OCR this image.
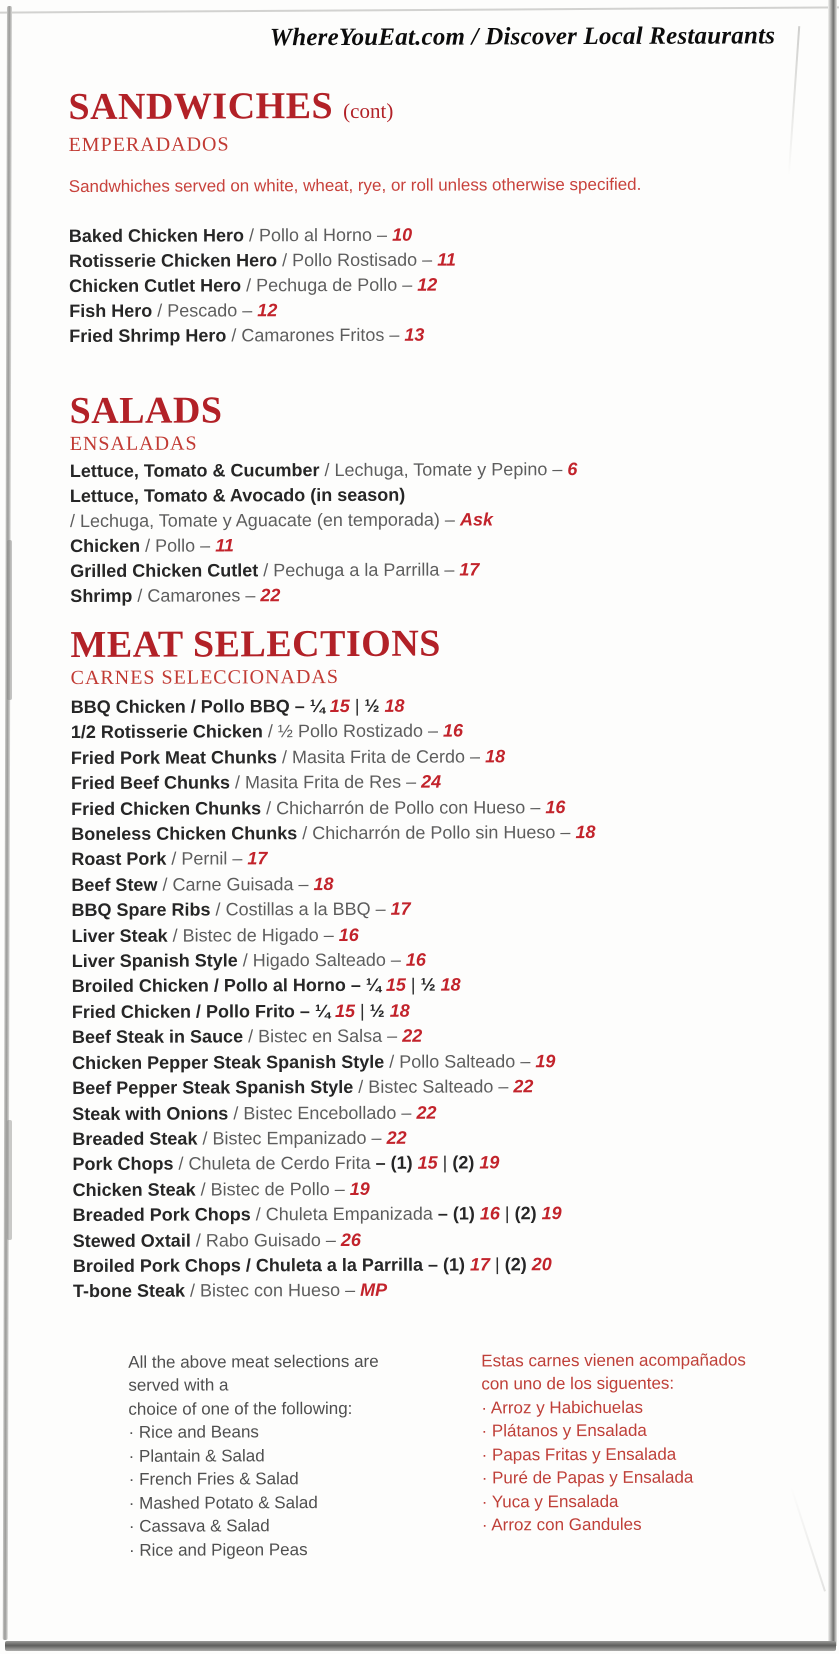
WhereYouEat.com / Discover Local Restaurants
SANDWICHES (cont)
EMPERADADOS

Sandwhiches served on white, wheat, rye, or roll unless otherwise specified.

Baked Chicken Hero / Pollo al Horno – 10
Rotisserie Chicken Hero / Pollo Rostisado – 11
Chicken Cutlet Hero / Pechuga de Pollo – 12
Fish Hero / Pescado – 12
Fried Shrimp Hero / Camarones Fritos – 13
SALADS
ENSALADAS
Lettuce, Tomato & Cucumber / Lechuga, Tomate y Pepino – 6
Lettuce, Tomato & Avocado (in season)
/ Lechuga, Tomate y Aguacate (en temporada) – Ask
Chicken / Pollo – 11
Grilled Chicken Cutlet / Pechuga a la Parrilla – 17
Shrimp / Camarones – 22
MEAT SELECTIONS
CARNES SELECCIONADAS
BBQ Chicken / Pollo BBQ – ¼ 15 | ½ 18
1/2 Rotisserie Chicken / ½ Pollo Rostizado – 16
Fried Pork Meat Chunks / Masita Frita de Cerdo – 18
Fried Beef Chunks / Masita Frita de Res – 24
Fried Chicken Chunks / Chicharrón de Pollo con Hueso – 16
Boneless Chicken Chunks / Chicharrón de Pollo sin Hueso – 18
Roast Pork / Pernil – 17
Beef Stew / Carne Guisada – 18
BBQ Spare Ribs / Costillas a la BBQ – 17
Liver Steak / Bistec de Higado – 16
Liver Spanish Style / Higado Salteado – 16
Broiled Chicken / Pollo al Horno – ¼ 15 | ½ 18
Fried Chicken / Pollo Frito – ¼ 15 | ½ 18
Beef Steak in Sauce / Bistec en Salsa – 22
Chicken Pepper Steak Spanish Style / Pollo Salteado – 19
Beef Pepper Steak Spanish Style / Bistec Salteado – 22
Steak with Onions / Bistec Encebollado – 22
Breaded Steak / Bistec Empanizado – 22
Pork Chops / Chuleta de Cerdo Frita – (1) 15 | (2) 19
Chicken Steak / Bistec de Pollo – 19
Breaded Pork Chops / Chuleta Empanizada – (1) 16 | (2) 19
Stewed Oxtail / Rabo Guisado – 26
Broiled Pork Chops / Chuleta a la Parrilla – (1) 17 | (2) 20
T-bone Steak / Bistec con Hueso – MP
All the above meat selections are
served with a
choice of one of the following:
· Rice and Beans
· Plantain & Salad
· French Fries & Salad
· Mashed Potato & Salad
· Cassava & Salad
· Rice and Pigeon Peas
Estas carnes vienen acompañados
con uno de los siguentes:
· Arroz y Habichuelas
· Plátanos y Ensalada
· Papas Fritas y Ensalada
· Puré de Papas y Ensalada
· Yuca y Ensalada
· Arroz con Gandules
